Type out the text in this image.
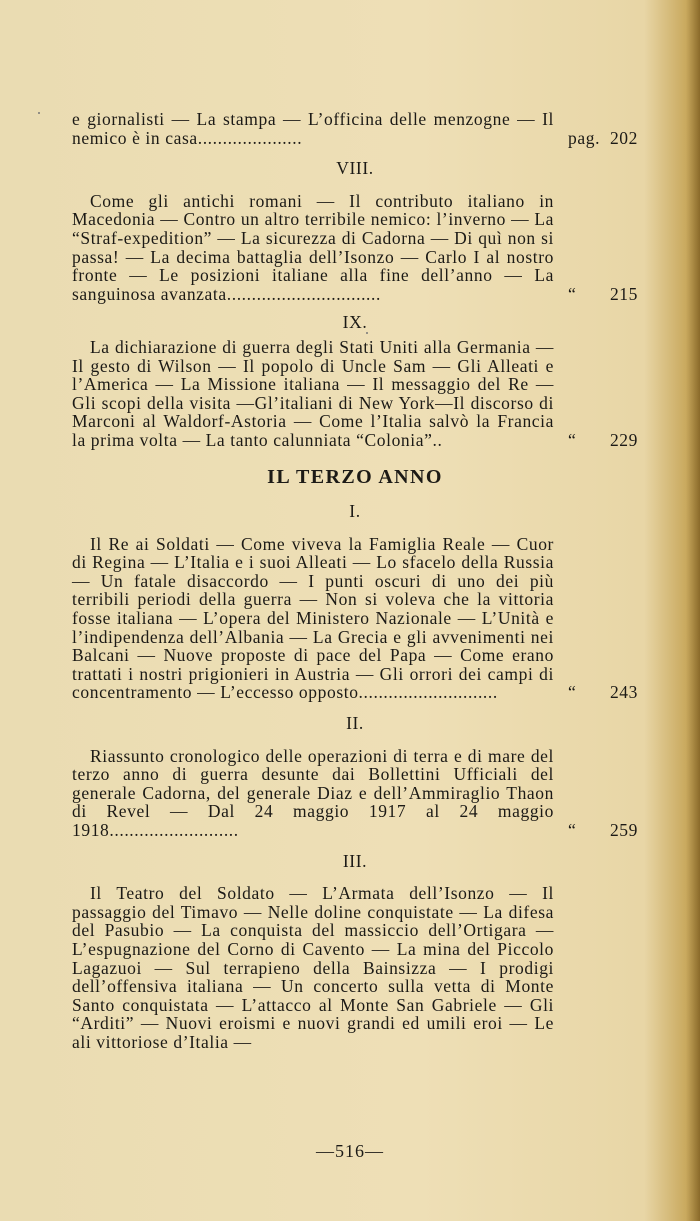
e giornalisti — La stampa — L’officina delle menzogne — Il nemico è in casa.....................	pag. 202
VIII.
Come gli antichi romani — Il contributo italiano in Macedonia — Contro un altro terribile nemico: l’inverno — La “Straf-expedition” — La sicurezza di Cadorna — Di quì non si passa! — La decima battaglia dell’Isonzo — Carlo I al nostro fronte — Le posizioni italiane alla fine dell’anno — La sanguinosa avanzata...............................	“ 215
IX.
La dichiarazione di guerra degli Stati Uniti alla Germania — Il gesto di Wilson — Il popolo di Uncle Sam — Gli Alleati e l’America — La Missione italiana — Il messaggio del Re — Gli scopi della visita —Gl’italiani di New York—Il discorso di Marconi al Waldorf-Astoria — Come l’Italia salvò la Francia la prima volta — La tanto calunniata “Colonia”..	“ 229
IL TERZO ANNO
I.
Il Re ai Soldati — Come viveva la Famiglia Reale — Cuor di Regina — L’Italia e i suoi Alleati — Lo sfacelo della Russia — Un fatale disaccordo — I punti oscuri di uno dei più terribili periodi della guerra — Non si voleva che la vittoria fosse italiana — L’opera del Ministero Nazionale — L’Unità e l’indipendenza dell’Albania — La Grecia e gli avvenimenti nei Balcani — Nuove proposte di pace del Papa — Come erano trattati i nostri prigionieri in Austria — Gli orrori dei campi di concentramento — L’eccesso opposto............................	“ 243
II.
Riassunto cronologico delle operazioni di terra e di mare del terzo anno di guerra desunte dai Bollettini Ufficiali del generale Cadorna, del generale Diaz e dell’Ammiraglio Thaon di Revel — Dal 24 maggio 1917 al 24 maggio 1918..........................	“ 259
III.
Il Teatro del Soldato — L’Armata dell’Isonzo — Il passaggio del Timavo — Nelle doline conquistate — La difesa del Pasubio — La conquista del massiccio dell’Ortigara — L’espugnazione del Corno di Cavento — La mina del Piccolo Lagazuoi — Sul terrapieno della Bainsizza — I prodigi dell’offensiva italiana — Un concerto sulla vetta di Monte Santo conquistata — L’attacco al Monte San Gabriele — Gli “Arditi” — Nuovi eroismi e nuovi grandi ed umili eroi — Le ali vittoriose d’Italia —
—516—
